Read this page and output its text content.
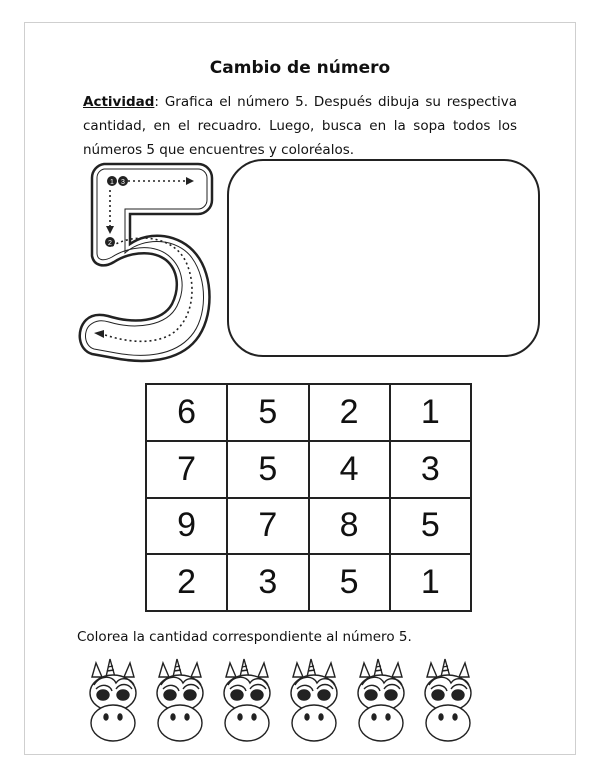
Cambio de número
Actividad: Grafica el número 5. Después dibuja su respectiva cantidad, en el recuadro. Luego, busca en la sopa todos los números 5 que encuentres y coloréalos.
1 3
2
6	5	2	1
7	5	4	3
9	7	8	5
2	3	5	1
Colorea la cantidad correspondiente al número 5.
